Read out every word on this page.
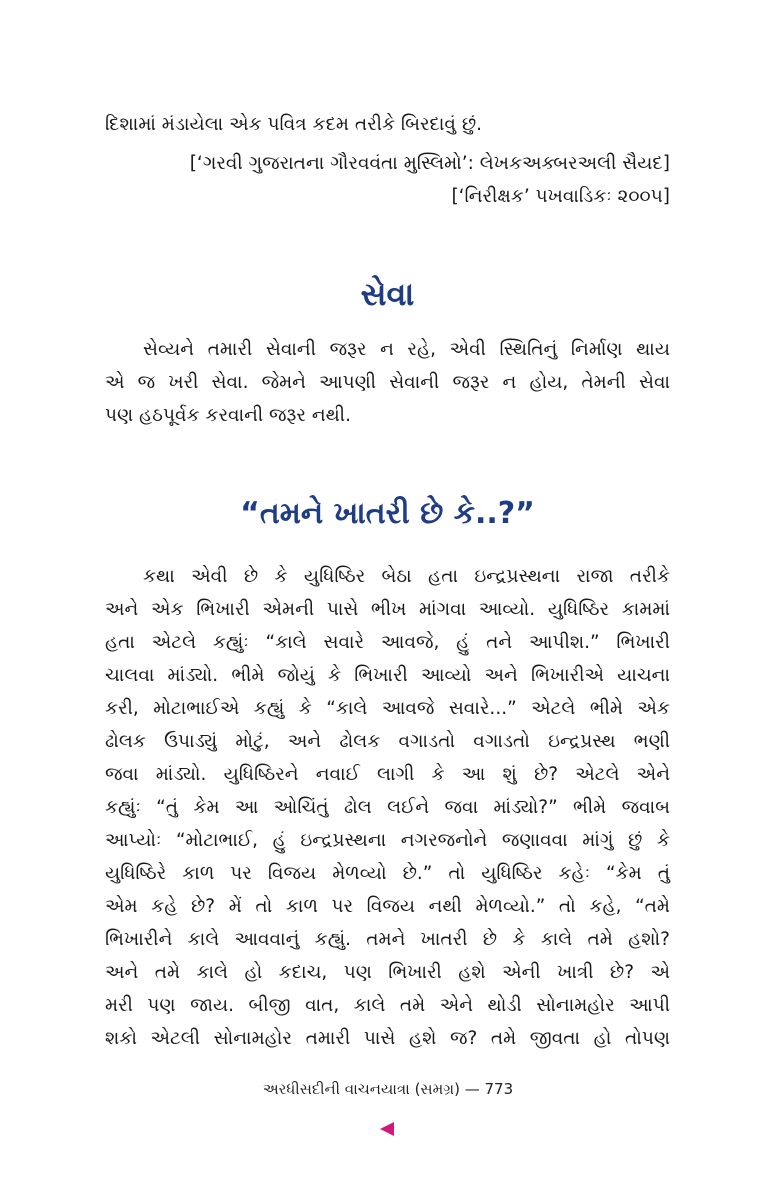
દિશામાં મંડાયેલા એક પવિત્ર કદમ તરીકે બિરદાવું છું.
[‘ગરવી ગુજરાતના ગૌરવવંતા મુસ્લિમો’: લેખકઅક્બરઅલી સૈયદ]
[‘નિરીક્ષક’ પખવાડિકઃ ૨૦૦૫]
સેવા
સેવ્યને તમારી સેવાની જરૂર ન રહે, એવી સ્થિતિનું નિર્માણ થાય
એ જ ખરી સેવા. જેમને આપણી સેવાની જરૂર ન હોય, તેમની સેવા
પણ હઠપૂર્વક કરવાની જરૂર નથી.
“તમને ખાતરી છે કે..?”
કથા એવી છે કે યુધિષ્ઠિર બેઠા હતા ઇન્દ્રપ્રસ્થના રાજા તરીકે
અને એક ભિખારી એમની પાસે ભીખ માંગવા આવ્યો. યુધિષ્ઠિર કામમાં
હતા એટલે કહ્યુંઃ “કાલે સવારે આવજે, હું તને આપીશ.” ભિખારી
ચાલવા માંડ્યો. ભીમે જોયું કે ભિખારી આવ્યો અને ભિખારીએ યાચના
કરી, મોટાભાઈએ કહ્યું કે “કાલે આવજે સવારે...” એટલે ભીમે એક
ઢોલક ઉપાડ્યું મોટું, અને ઢોલક વગાડતો વગાડતો ઇન્દ્રપ્રસ્થ ભણી
જવા માંડ્યો. યુધિષ્ઠિરને નવાઈ લાગી કે આ શું છે? એટલે એને
કહ્યુંઃ “તું કેમ આ ઓચિંતું ઢોલ લઈને જવા માંડ્યો?” ભીમે જવાબ
આપ્યોઃ “મોટાભાઈ, હું ઇન્દ્રપ્રસ્થના નગરજનોને જણાવવા માંગું છું કે
યુધિષ્ઠિરે કાળ પર વિજય મેળવ્યો છે.” તો યુધિષ્ઠિર કહેઃ “કેમ તું
એમ કહે છે? મેં તો કાળ પર વિજય નથી મેળવ્યો.” તો કહે, “તમે
ભિખારીને કાલે આવવાનું કહ્યું. તમને ખાતરી છે કે કાલે તમે હશો?
અને તમે કાલે હો કદાચ, પણ ભિખારી હશે એની ખાત્રી છે? એ
મરી પણ જાય. બીજી વાત, કાલે તમે એને થોડી સોનામહોર આપી
શકો એટલી સોનામહોર તમારી પાસે હશે જ? તમે જીવતા હો તોપણ
અરધીસદીની વાચનયાત્રા (સમગ્ર) — 773
